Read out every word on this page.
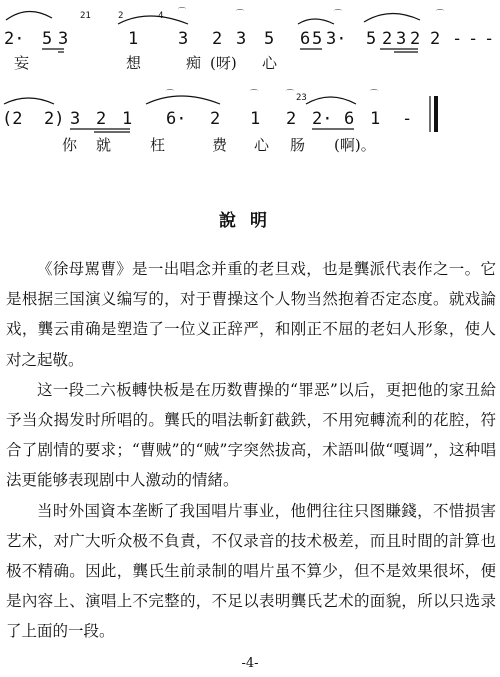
2· 5 3	1 3 2 3 5 6 5 3· 5 2 3 2 2 - - -
21	2	4
(2 2) 3 2 1 6· 2 1 2 2· 6 1 -
23
⌒	⌒	⌒	⌒
⌒	⌒	⌒	⌒
妄	想	痴 (呀) 心
你 就	枉	费 心 肠 (啊)。
說明

《徐母駡曹》是一出唱念并重的老旦戏，也是龔派代表作之一。它是根据三国演义编写的，对于曹操这个人物当然抱着否定态度。就戏論戏，龔云甫确是塑造了一位义正辞严，和刚正不屈的老妇人形象，使人对之起敬。

这一段二六板轉快板是在历数曹操的“罪恶”以后，更把他的家丑給予当众揭发时所唱的。龔氏的唱法斬釘截鉄，不用宛轉流利的花腔，符合了剧情的要求；“曹贼”的“贼”字突然拔高，术語叫做“嘎调”，这种唱法更能够表现剧中人激动的情緒。

当时外国資本垄断了我国唱片事业，他們往往只图賺錢，不惜损害艺术，对广大听众极不負責，不仅录音的技术极差，而且时間的計算也极不精确。因此，龔氏生前录制的唱片虽不算少，但不是效果很坏，便是內容上、演唱上不完整的，不足以表明龔氏艺术的面貌，所以只选录了上面的一段。

-4-
